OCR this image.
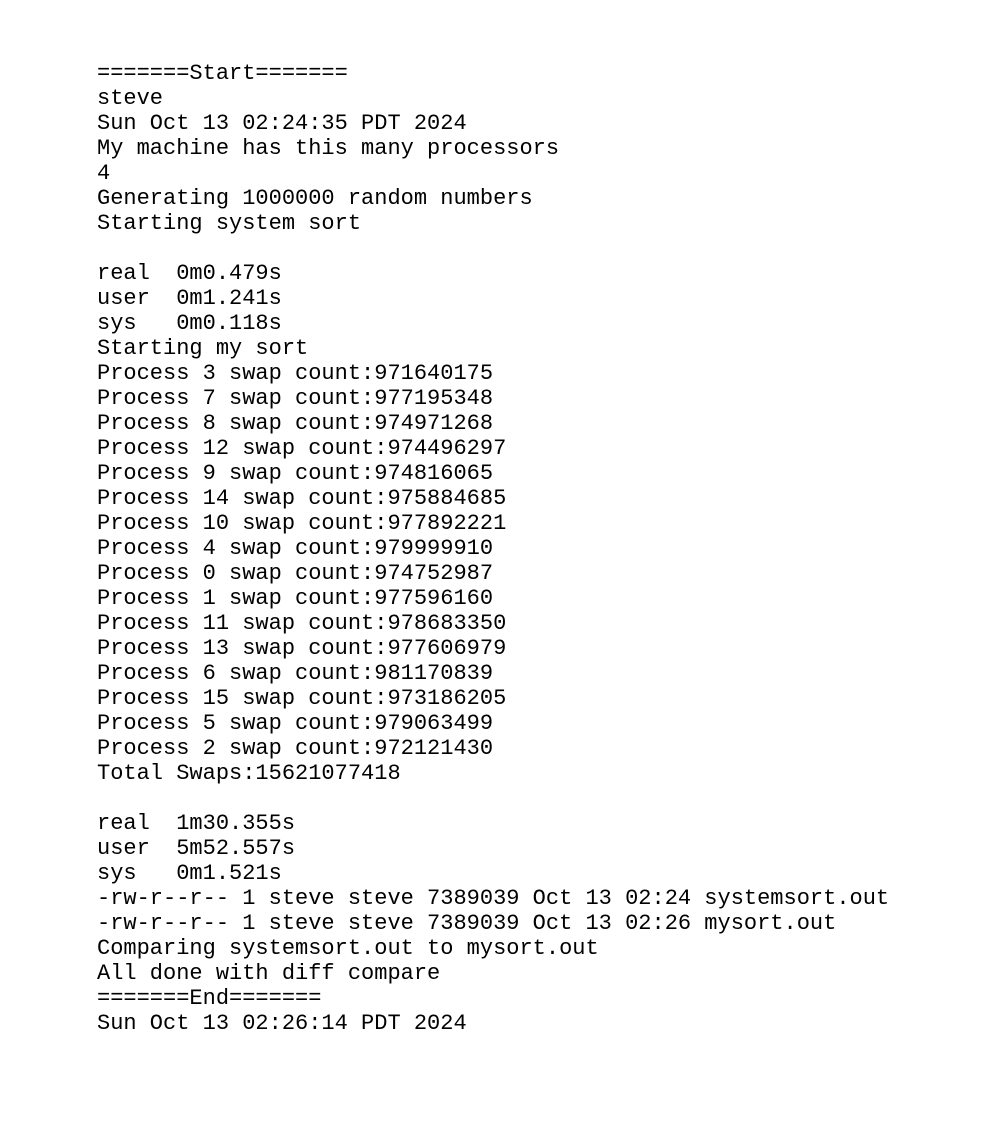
=======Start=======
steve
Sun Oct 13 02:24:35 PDT 2024
My machine has this many processors
4
Generating 1000000 random numbers
Starting system sort
real  0m0.479s
user  0m1.241s
sys   0m0.118s
Starting my sort
Process 3 swap count:971640175
Process 7 swap count:977195348
Process 8 swap count:974971268
Process 12 swap count:974496297
Process 9 swap count:974816065
Process 14 swap count:975884685
Process 10 swap count:977892221
Process 4 swap count:979999910
Process 0 swap count:974752987
Process 1 swap count:977596160
Process 11 swap count:978683350
Process 13 swap count:977606979
Process 6 swap count:981170839
Process 15 swap count:973186205
Process 5 swap count:979063499
Process 2 swap count:972121430
Total Swaps:15621077418
real  1m30.355s
user  5m52.557s
sys   0m1.521s
-rw-r--r-- 1 steve steve 7389039 Oct 13 02:24 systemsort.out
-rw-r--r-- 1 steve steve 7389039 Oct 13 02:26 mysort.out
Comparing systemsort.out to mysort.out
All done with diff compare
=======End=======
Sun Oct 13 02:26:14 PDT 2024
